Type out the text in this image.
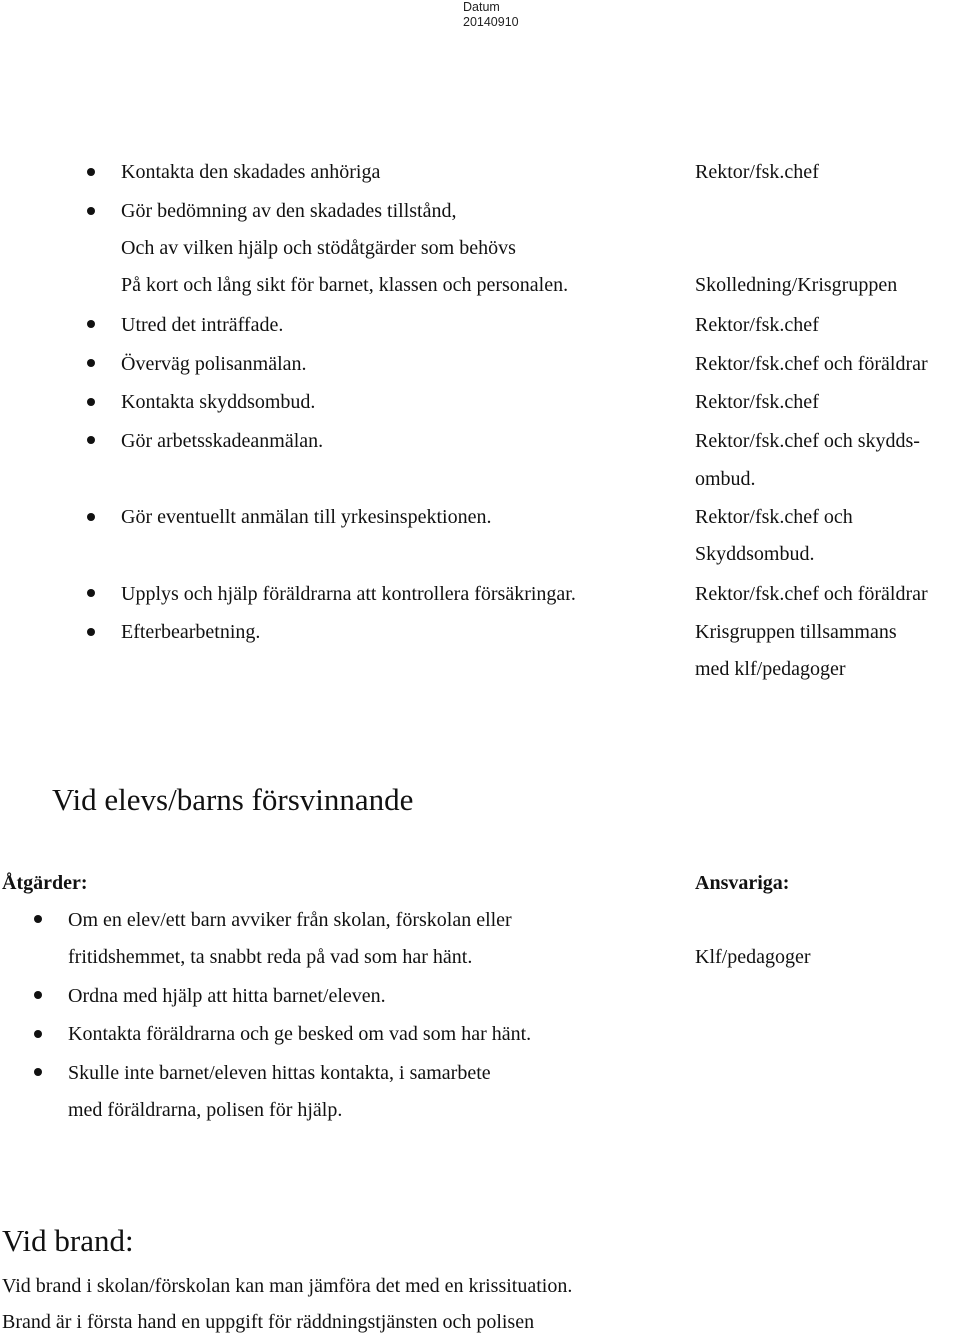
Datum
20140910
Kontakta den skadades anhöriga	Rektor/fsk.chef
Gör bedömning av den skadades tillstånd,
Och av vilken hjälp och stödåtgärder som behövs
På kort och lång sikt för barnet, klassen och personalen.	Skolledning/Krisgruppen
Utred det inträffade.	Rektor/fsk.chef
Överväg polisanmälan.	Rektor/fsk.chef och föräldrar
Kontakta skyddsombud.	Rektor/fsk.chef
Gör arbetsskadeanmälan.	Rektor/fsk.chef och skydds-
ombud.
Gör eventuellt anmälan till yrkesinspektionen.	Rektor/fsk.chef och
Skyddsombud.
Upplys och hjälp föräldrarna att kontrollera försäkringar.	Rektor/fsk.chef och föräldrar
Efterbearbetning.	Krisgruppen tillsammans
med klf/pedagoger
Vid elevs/barns försvinnande
Åtgärder:	Ansvariga:
Om en elev/ett barn avviker från skolan, förskolan eller
fritidshemmet, ta snabbt reda på vad som har hänt.	Klf/pedagoger
Ordna med hjälp att hitta barnet/eleven.
Kontakta föräldrarna och ge besked om vad som har hänt.
Skulle inte barnet/eleven hittas kontakta, i samarbete
med föräldrarna, polisen för hjälp.
Vid brand:
Vid brand i skolan/förskolan kan man jämföra det med en krissituation.
Brand är i första hand en uppgift för räddningstjänsten och polisen
